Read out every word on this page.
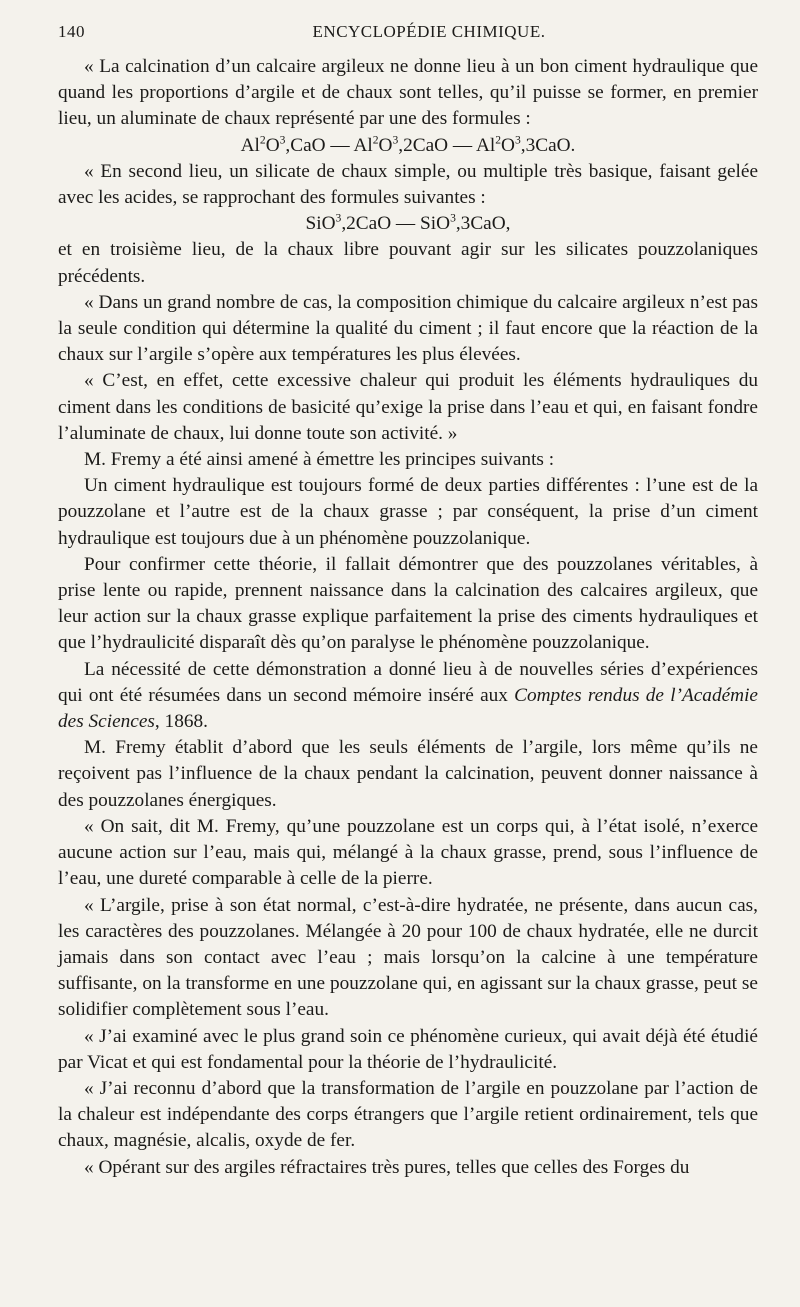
140	ENCYCLOPÉDIE CHIMIQUE.

« La calcination d’un calcaire argileux ne donne lieu à un bon ciment hydraulique que quand les proportions d’argile et de chaux sont telles, qu’il puisse se former, en premier lieu, un aluminate de chaux représenté par une des formules :

$Al^2O^3,CaO$ — $Al^2O^3,2CaO$ — $Al^2O^3,3CaO$.

« En second lieu, un silicate de chaux simple, ou multiple très basique, faisant gelée avec les acides, se rapprochant des formules suivantes :

SiO$^3$,2CaO — SiO$^3$,3CaO,

et en troisième lieu, de la chaux libre pouvant agir sur les silicates pouzzolaniques précédents.

« Dans un grand nombre de cas, la composition chimique du calcaire argileux n’est pas la seule condition qui détermine la qualité du ciment ; il faut encore que la réaction de la chaux sur l’argile s’opère aux températures les plus élevées.

« C’est, en effet, cette excessive chaleur qui produit les éléments hydrauliques du ciment dans les conditions de basicité qu’exige la prise dans l’eau et qui, en faisant fondre l’aluminate de chaux, lui donne toute son activité. »

M. Fremy a été ainsi amené à émettre les principes suivants :

Un ciment hydraulique est toujours formé de deux parties différentes : l’une est de la pouzzolane et l’autre est de la chaux grasse ; par conséquent, la prise d’un ciment hydraulique est toujours due à un phénomène pouzzolanique.

Pour confirmer cette théorie, il fallait démontrer que des pouzzolanes véritables, à prise lente ou rapide, prennent naissance dans la calcination des calcaires argileux, que leur action sur la chaux grasse explique parfaitement la prise des ciments hydrauliques et que l’hydraulicité disparaît dès qu’on paralyse le phénomène pouzzolanique.

La nécessité de cette démonstration a donné lieu à de nouvelles séries d’expériences qui ont été résumées dans un second mémoire inséré aux Comptes rendus de l’Académie des Sciences, 1868.

M. Fremy établit d’abord que les seuls éléments de l’argile, lors même qu’ils ne reçoivent pas l’influence de la chaux pendant la calcination, peuvent donner naissance à des pouzzolanes énergiques.

« On sait, dit M. Fremy, qu’une pouzzolane est un corps qui, à l’état isolé, n’exerce aucune action sur l’eau, mais qui, mélangé à la chaux grasse, prend, sous l’influence de l’eau, une dureté comparable à celle de la pierre.

« L’argile, prise à son état normal, c’est-à-dire hydratée, ne présente, dans aucun cas, les caractères des pouzzolanes. Mélangée à 20 pour 100 de chaux hydratée, elle ne durcit jamais dans son contact avec l’eau ; mais lorsqu’on la calcine à une température suffisante, on la transforme en une pouzzolane qui, en agissant sur la chaux grasse, peut se solidifier complètement sous l’eau.

« J’ai examiné avec le plus grand soin ce phénomène curieux, qui avait déjà été étudié par Vicat et qui est fondamental pour la théorie de l’hydraulicité.

« J’ai reconnu d’abord que la transformation de l’argile en pouzzolane par l’action de la chaleur est indépendante des corps étrangers que l’argile retient ordinairement, tels que chaux, magnésie, alcalis, oxyde de fer.

« Opérant sur des argiles réfractaires très pures, telles que celles des Forges du
